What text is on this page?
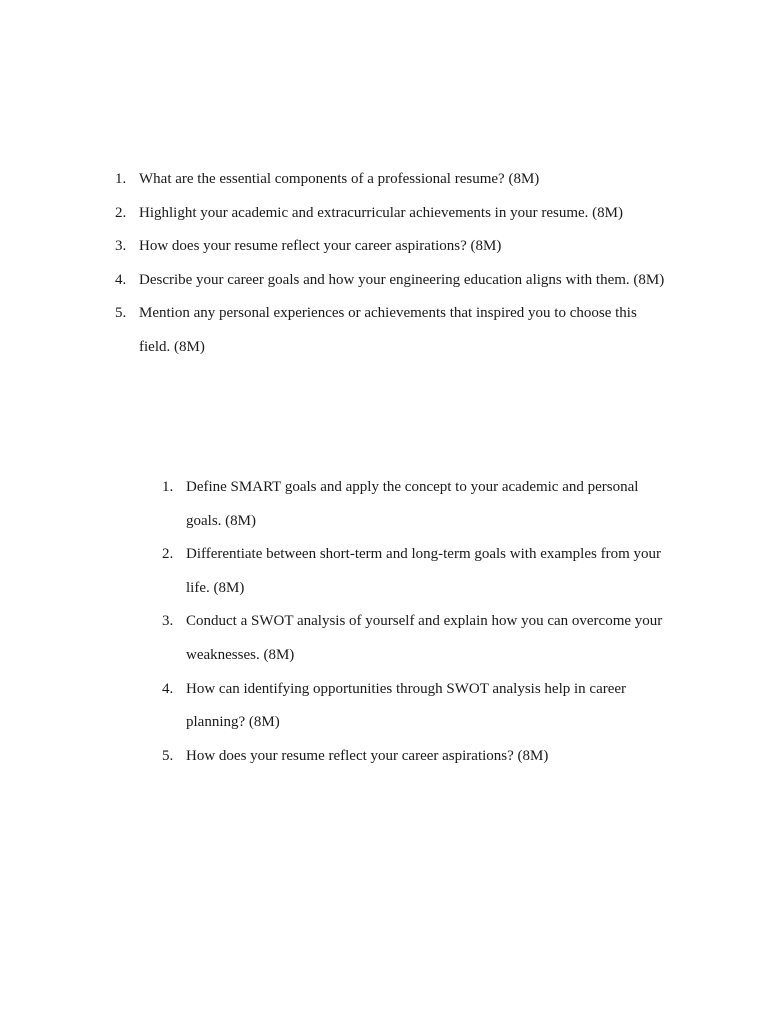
1. What are the essential components of a professional resume? (8M)
2. Highlight your academic and extracurricular achievements in your resume. (8M)
3. How does your resume reflect your career aspirations? (8M)
4. Describe your career goals and how your engineering education aligns with them. (8M)
5. Mention any personal experiences or achievements that inspired you to choose this field. (8M)
1. Define SMART goals and apply the concept to your academic and personal goals. (8M)
2. Differentiate between short-term and long-term goals with examples from your life. (8M)
3. Conduct a SWOT analysis of yourself and explain how you can overcome your weaknesses. (8M)
4. How can identifying opportunities through SWOT analysis help in career planning? (8M)
5. How does your resume reflect your career aspirations? (8M)
